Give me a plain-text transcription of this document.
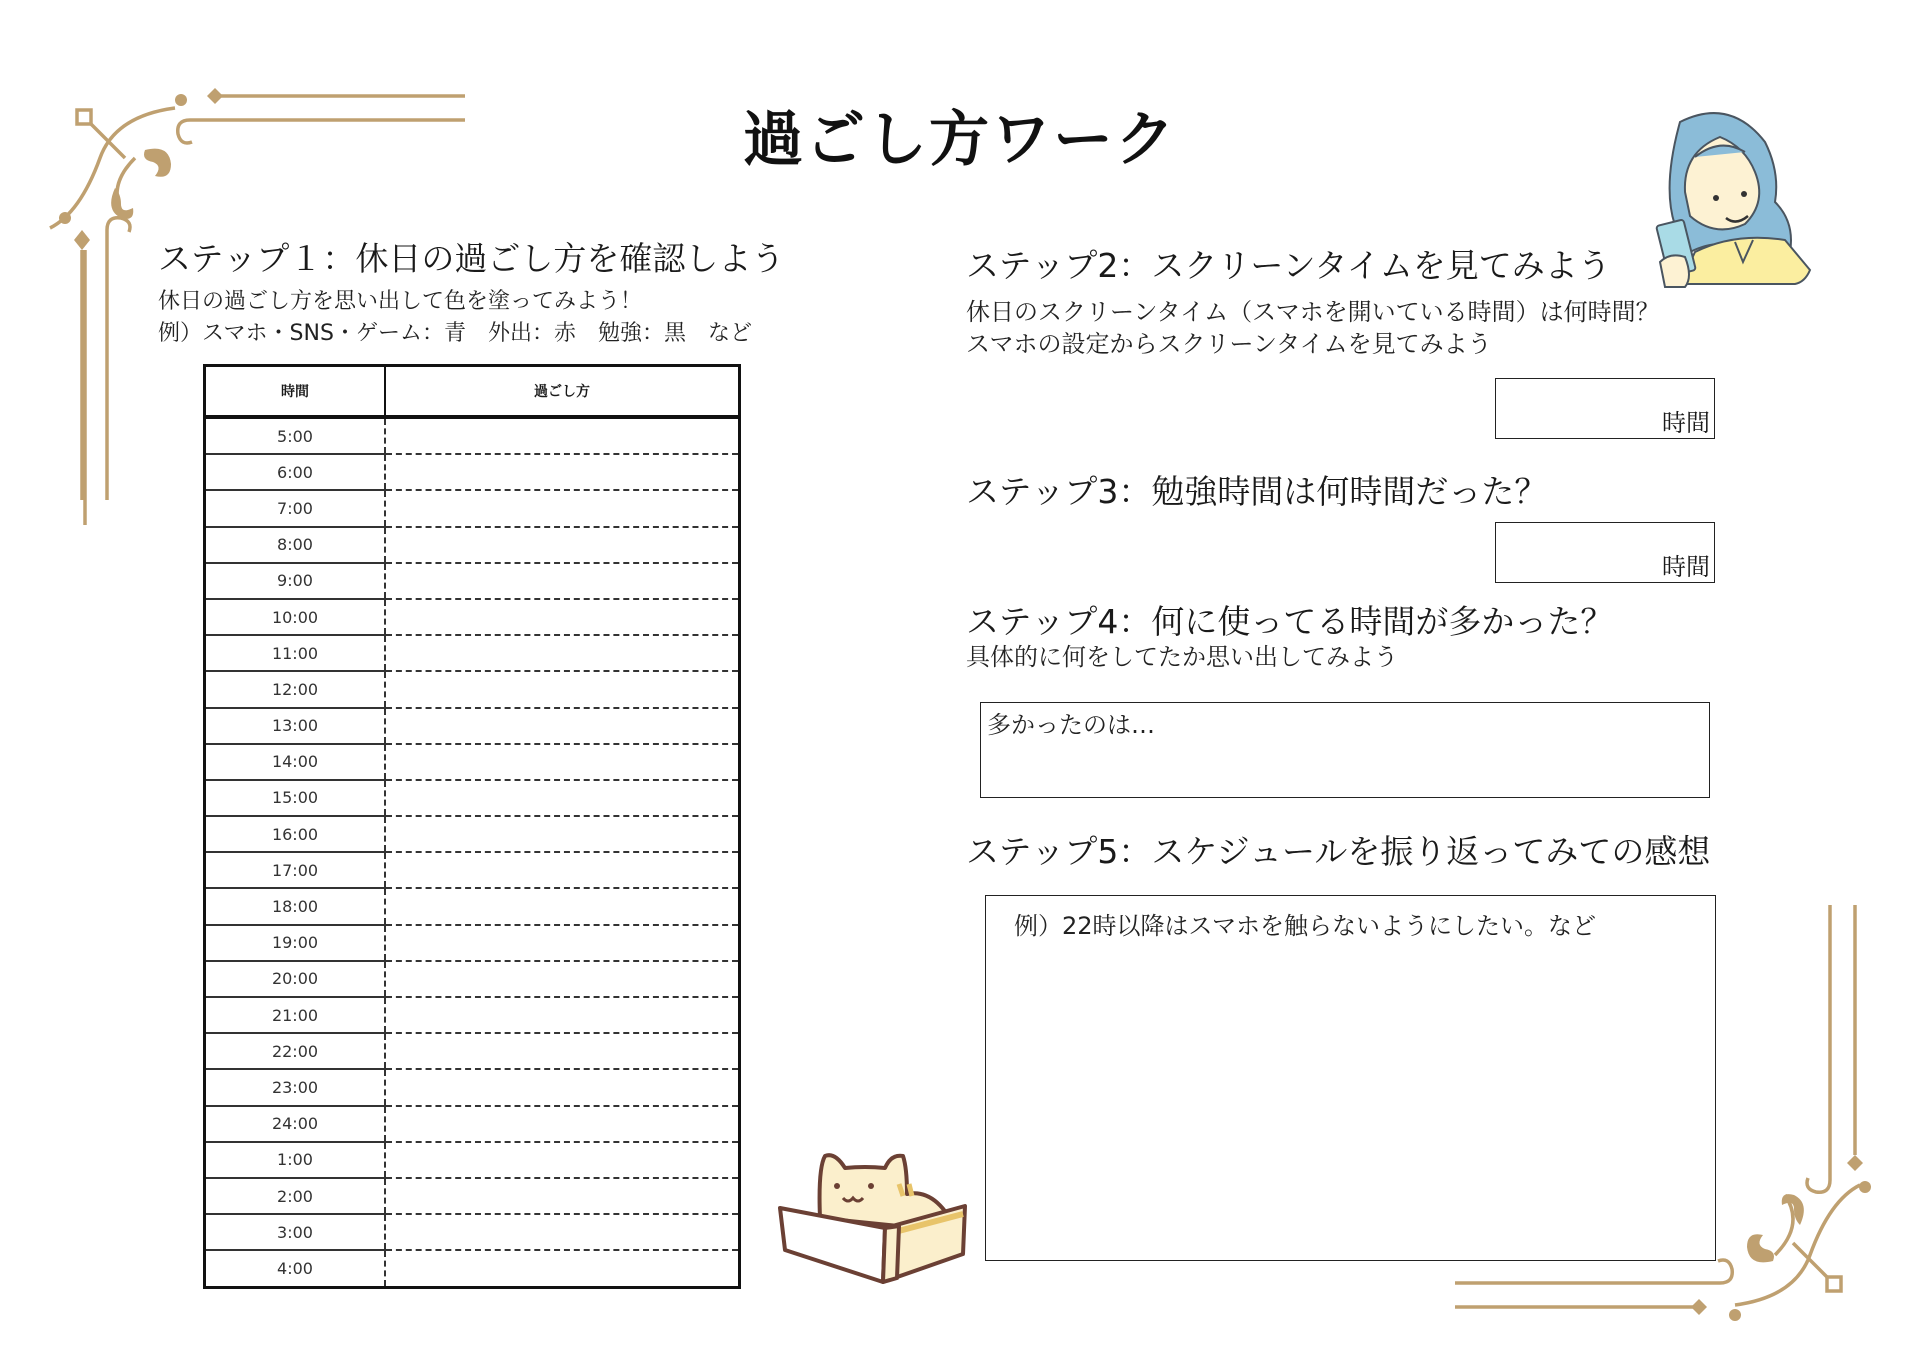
過ごし方ワーク
ステップ１：休日の過ごし方を確認しよう
休日の過ごし方を思い出して色を塗ってみよう！
例）スマホ・SNS・ゲーム：青　外出：赤　勉強：黒　など
時間	過ごし方
5:00	
6:00	
7:00	
8:00	
9:00	
10:00	
11:00	
12:00	
13:00	
14:00	
15:00	
16:00	
17:00	
18:00	
19:00	
20:00	
21:00	
22:00	
23:00	
24:00	
1:00	
2:00	
3:00	
4:00	
ステップ2：スクリーンタイムを見てみよう
休日のスクリーンタイム（スマホを開いている時間）は何時間？
スマホの設定からスクリーンタイムを見てみよう
時間
ステップ3：勉強時間は何時間だった？
時間
ステップ4：何に使ってる時間が多かった？
具体的に何をしてたか思い出してみよう
多かったのは…
ステップ5：スケジュールを振り返ってみての感想
例）22時以降はスマホを触らないようにしたい。など
